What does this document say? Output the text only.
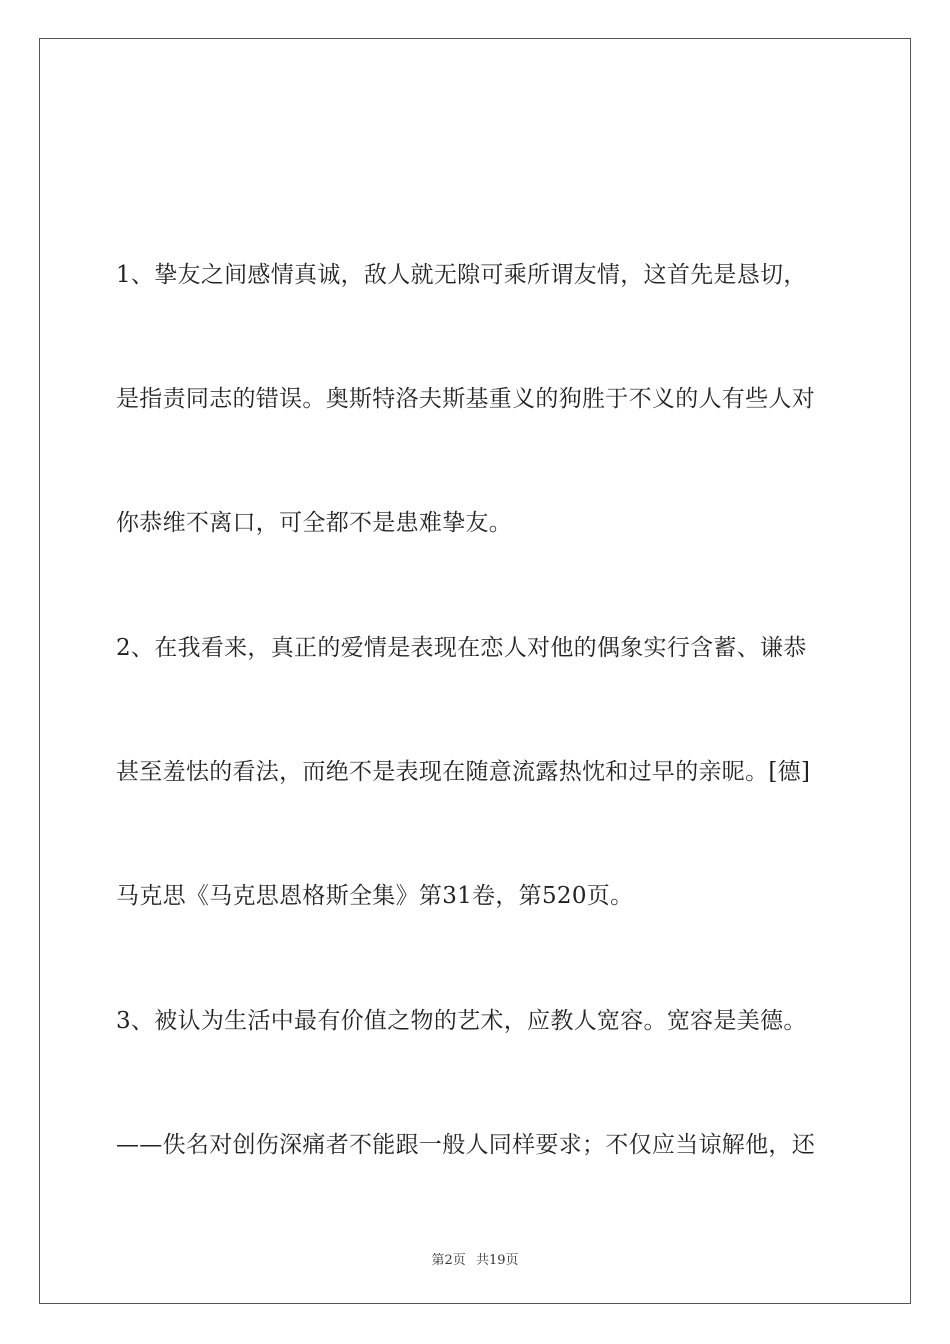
1、挚友之间感情真诚，敌人就无隙可乘所谓友情，这首先是恳切，
是指责同志的错误。奥斯特洛夫斯基重义的狗胜于不义的人有些人对
你恭维不离口，可全都不是患难挚友。
2、在我看来，真正的爱情是表现在恋人对他的偶象实行含蓄、谦恭
甚至羞怯的看法，而绝不是表现在随意流露热忱和过早的亲昵。[德]
马克思《马克思恩格斯全集》第31卷，第520页。
3、被认为生活中最有价值之物的艺术，应教人宽容。宽容是美德。
——佚名对创伤深痛者不能跟一般人同样要求；不仅应当谅解他，还
第2页 共19页
